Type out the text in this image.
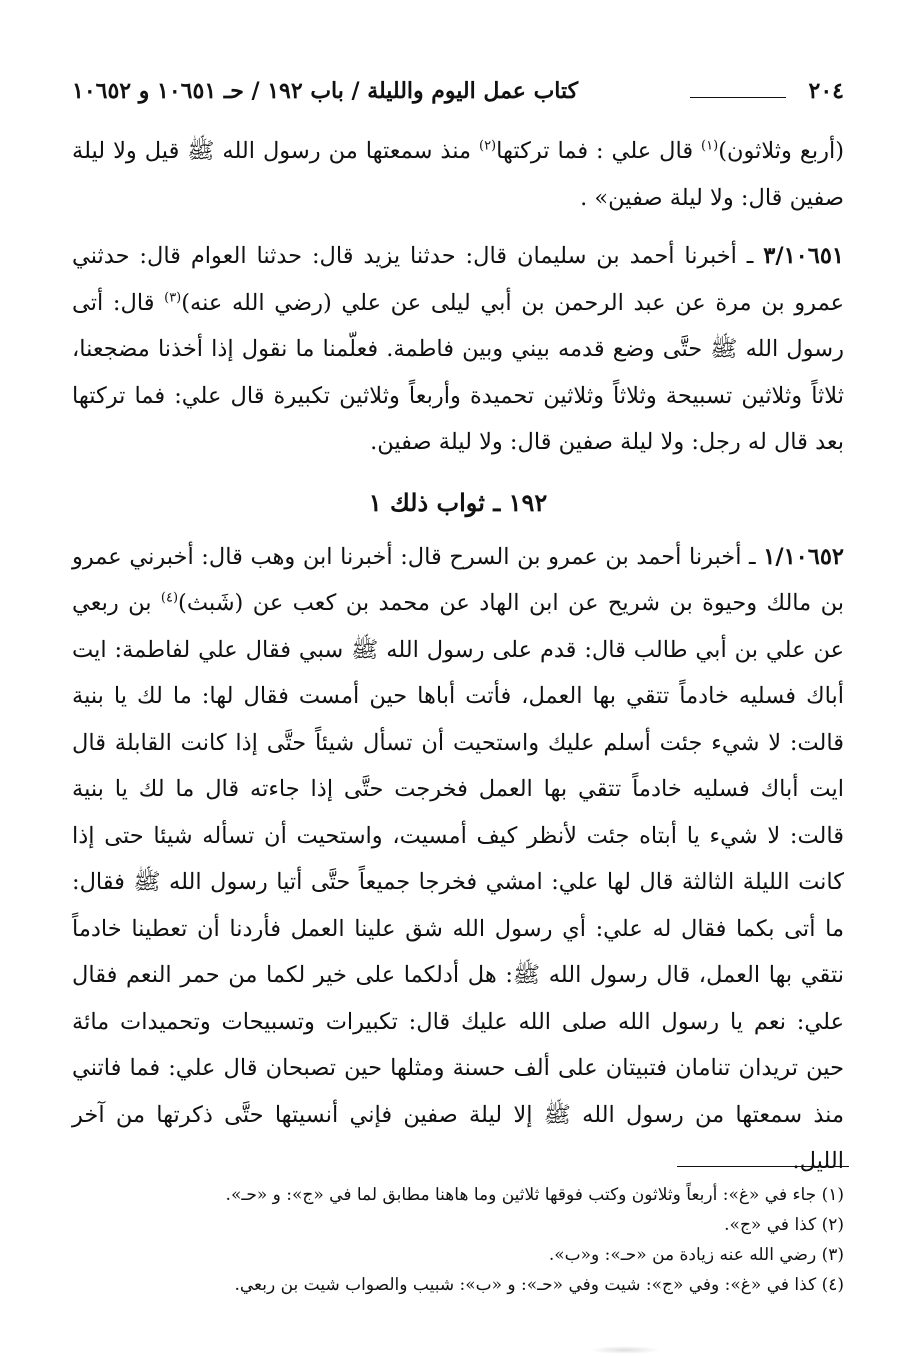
٢٠٤
كتاب عمل اليوم والليلة / باب ١٩٢ / حـ ١٠٦٥١ و ١٠٦٥٢

(أربع وثلاثون)$^{(١)}$ قال علي : فما تركتها$^{(٢)}$ منذ سمعتها من رسول الله ﷺ قيل ولا ليلة صفين قال: ولا ليلة صفين» .

٣/١٠٦٥١ ـ أخبرنا أحمد بن سليمان قال: حدثنا يزيد قال: حدثنا العوام قال: حدثني عمرو بن مرة عن عبد الرحمن بن أبي ليلى عن علي (رضي الله عنه)$^{(٣)}$ قال: أتى رسول الله ﷺ حتَّى وضع قدمه بيني وبين فاطمة. فعلّمنا ما نقول إذا أخذنا مضجعنا، ثلاثاً وثلاثين تسبيحة وثلاثاً وثلاثين تحميدة وأربعاً وثلاثين تكبيرة قال علي: فما تركتها بعد قال له رجل: ولا ليلة صفين قال: ولا ليلة صفين.

١٩٢ ـ ثواب ذلك ١

١/١٠٦٥٢ ـ أخبرنا أحمد بن عمرو بن السرح قال: أخبرنا ابن وهب قال: أخبرني عمرو بن مالك وحيوة بن شريح عن ابن الهاد عن محمد بن كعب عن (شَبث)$^{(٤)}$ بن ربعي عن علي بن أبي طالب قال: قدم على رسول الله ﷺ سبي فقال علي لفاطمة: ايت أباك فسليه خادماً تتقي بها العمل، فأتت أباها حين أمست فقال لها: ما لك يا بنية قالت: لا شيء جئت أسلم عليك واستحيت أن تسأل شيئاً حتَّى إذا كانت القابلة قال ايت أباك فسليه خادماً تتقي بها العمل فخرجت حتَّى إذا جاءته قال ما لك يا بنية قالت: لا شيء يا أبتاه جئت لأنظر كيف أمسيت، واستحيت أن تسأله شيئا حتى إذا كانت الليلة الثالثة قال لها علي: امشي فخرجا جميعاً حتَّى أتيا رسول الله ﷺ فقال: ما أتى بكما فقال له علي: أي رسول الله شق علينا العمل فأردنا أن تعطينا خادماً نتقي بها العمل، قال رسول الله ﷺ: هل أدلكما على خير لكما من حمر النعم فقال علي: نعم يا رسول الله صلى الله عليك قال: تكبيرات وتسبيحات وتحميدات مائة حين تريدان تنامان فتبيتان على ألف حسنة ومثلها حين تصبحان قال علي: فما فاتني منذ سمعتها من رسول الله ﷺ إلا ليلة صفين فإني أنسيتها حتَّى ذكرتها من آخر الليل.

(١) جاء في «غ»: أربعاً وثلاثون وكتب فوقها ثلاثين وما هاهنا مطابق لما في «ج»: و «حـ».
(٢) كذا في «ج».
(٣) رضي الله عنه زيادة من «حـ»: و«ب».
(٤) كذا في «غ»: وفي «ج»: شيت وفي «حـ»: و «ب»: شبيب والصواب شيت بن ربعي.
